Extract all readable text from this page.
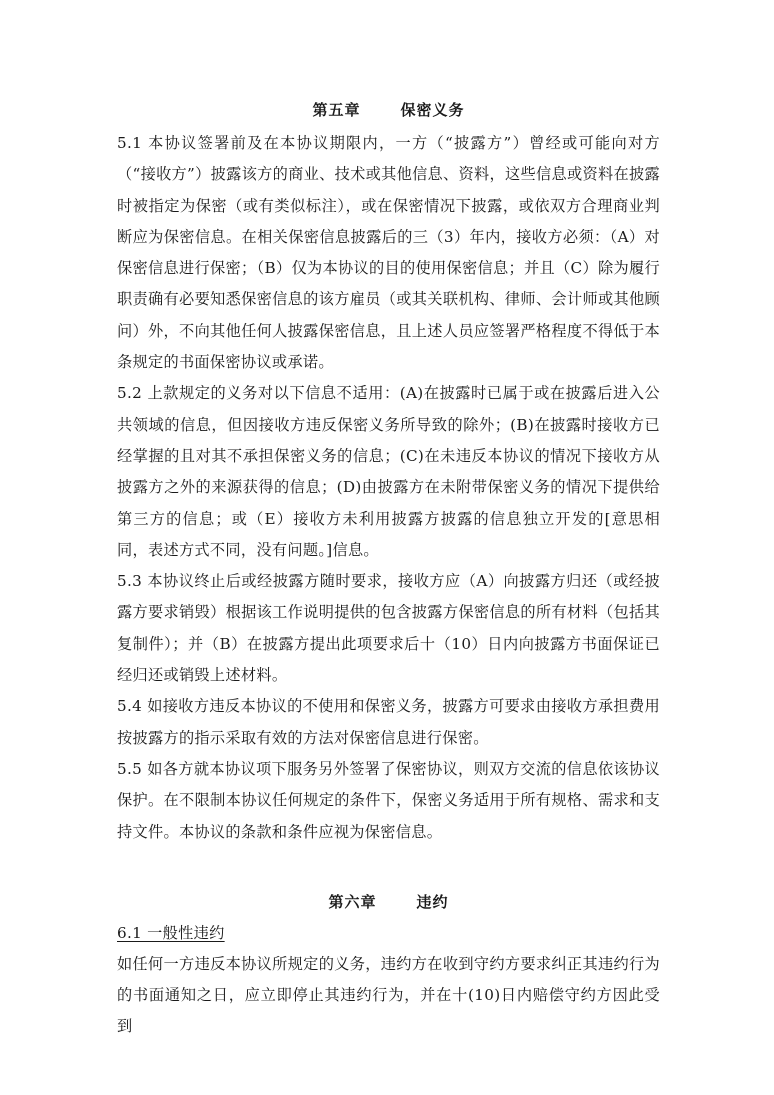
第五章	保密义务

5.1 本协议签署前及在本协议期限内，一方（“披露方”）曾经或可能向对方（“接收方”）披露该方的商业、技术或其他信息、资料，这些信息或资料在披露时被指定为保密（或有类似标注），或在保密情况下披露，或依双方合理商业判断应为保密信息。在相关保密信息披露后的三（3）年内，接收方必须：（A）对保密信息进行保密；（B）仅为本协议的目的使用保密信息；并且（C）除为履行职责确有必要知悉保密信息的该方雇员（或其关联机构、律师、会计师或其他顾问）外，不向其他任何人披露保密信息，且上述人员应签署严格程度不得低于本条规定的书面保密协议或承诺。

5.2 上款规定的义务对以下信息不适用：(A)在披露时已属于或在披露后进入公共领域的信息，但因接收方违反保密义务所导致的除外；(B)在披露时接收方已经掌握的且对其不承担保密义务的信息；(C)在未违反本协议的情况下接收方从披露方之外的来源获得的信息；(D)由披露方在未附带保密义务的情况下提供给第三方的信息；或（E）接收方未利用披露方披露的信息独立开发的[意思相同，表述方式不同，没有问题。]信息。

5.3 本协议终止后或经披露方随时要求，接收方应（A）向披露方归还（或经披露方要求销毁）根据该工作说明提供的包含披露方保密信息的所有材料（包括其复制件）；并（B）在披露方提出此项要求后十（10）日内向披露方书面保证已经归还或销毁上述材料。

5.4 如接收方违反本协议的不使用和保密义务，披露方可要求由接收方承担费用按披露方的指示采取有效的方法对保密信息进行保密。

5.5 如各方就本协议项下服务另外签署了保密协议，则双方交流的信息依该协议保护。在不限制本协议任何规定的条件下，保密义务适用于所有规格、需求和支持文件。本协议的条款和条件应视为保密信息。

第六章	违约

6.1 一般性违约

如任何一方违反本协议所规定的义务，违约方在收到守约方要求纠正其违约行为的书面通知之日，应立即停止其违约行为，并在十(10)日内赔偿守约方因此受到
